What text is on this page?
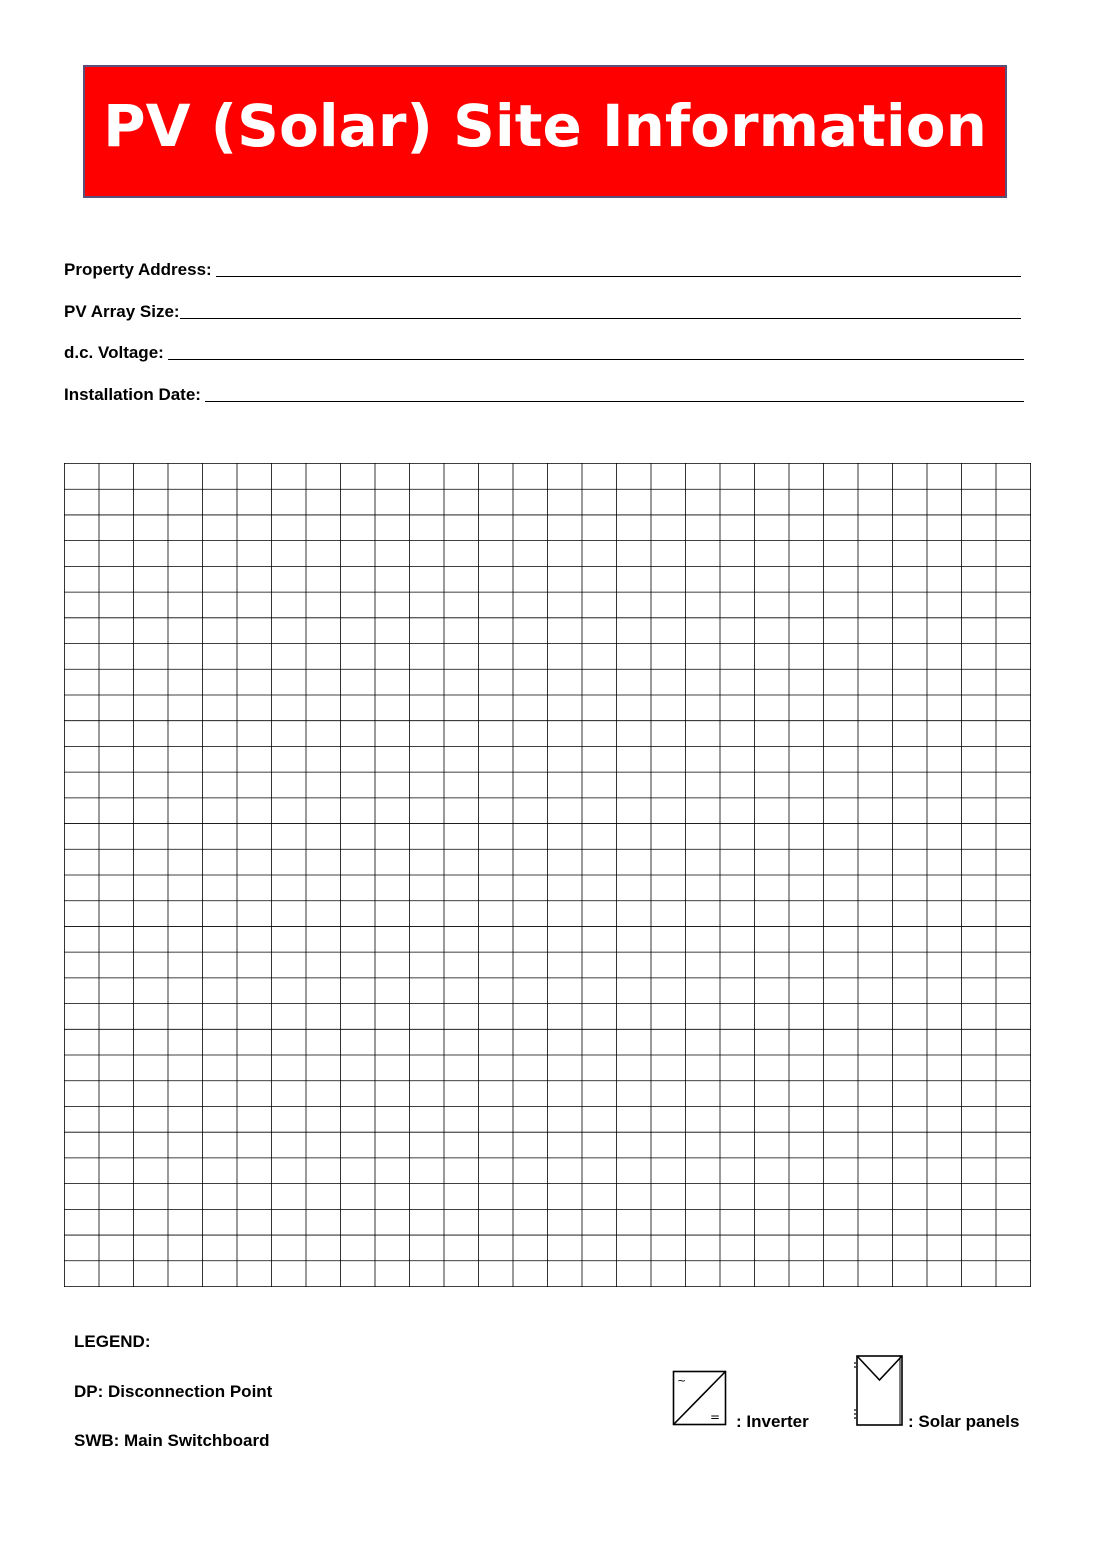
PV (Solar) Site Information
Property Address:
PV Array Size:
d.c. Voltage:
Installation Date:
LEGEND:
DP: Disconnection Point
SWB: Main Switchboard
~
= : Inverter	: Solar panels
